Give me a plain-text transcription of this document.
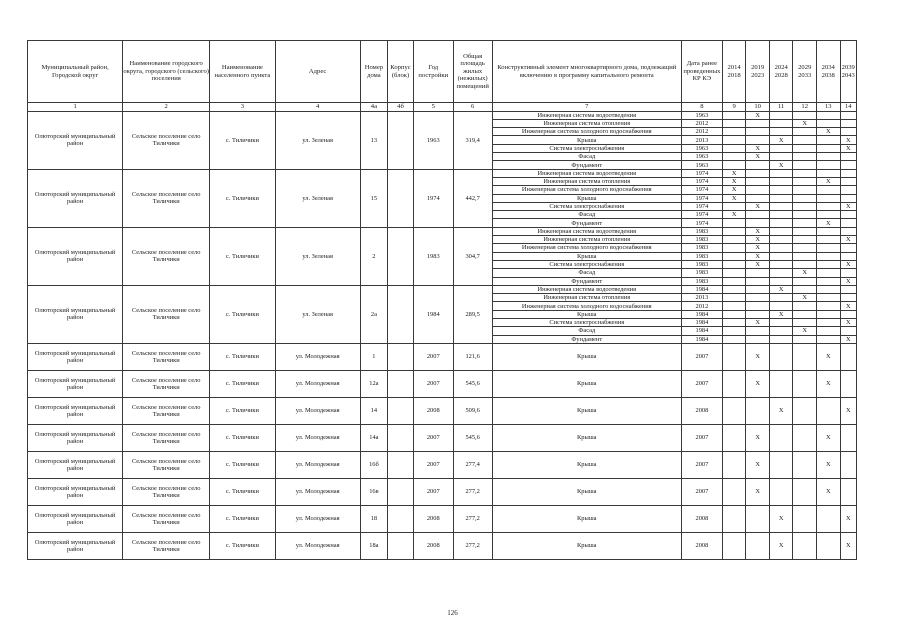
Муниципальный район, Городской округ	Наименование городского округа, городского (сельского) поселения	Наименование населенного пункта	Адрес	Номер дома	Корпус (блок)	Год постройки	Общая площадь жилых (нежилых) помещений	Конструктивный элемент многоквартирного дома, подлежащий включению в программу капитального ремонта	Дата ранее проведенных КР КЭ	2014 2018	2019 2023	2024 2028	2029 2033	2034 2038	2039 2043
1	2	3	4	4а	4б	5	6	7	8	9	10	11	12	13	14
Олюторский муниципальный район	Сельское поселение село Тиличики	с. Тиличики	ул. Зеленая	13		1963	319,4	Инженерная система водоотведения	1963		X				
								Инженерная система отопления	2012				X		
								Инженерная система холодного водоснабжения	2012					X	
								Крыша	2013			X			X
								Система электроснабжения	1963		X				X
								Фасад	1963		X				
								Фундамент	1963			X			
Олюторский муниципальный район	Сельское поселение село Тиличики	с. Тиличики	ул. Зеленая	15		1974	442,7	Инженерная система водоотведения	1974	X					
								Инженерная система отопления	1974	X				X	
								Инженерная система холодного водоснабжения	1974	X					
								Крыша	1974	X					
								Система электроснабжения	1974		X				X
								Фасад	1974	X					
								Фундамент	1974					X	
Олюторский муниципальный район	Сельское поселение село Тиличики	с. Тиличики	ул. Зеленая	2		1983	304,7	Инженерная система водоотведения	1983		X				
								Инженерная система отопления	1983		X				X
								Инженерная система холодного водоснабжения	1983		X				
								Крыша	1983		X				
								Система электроснабжения	1983		X				X
								Фасад	1983				X		
								Фундамент	1983						X
Олюторский муниципальный район	Сельское поселение село Тиличики	с. Тиличики	ул. Зеленая	2а		1984	289,5	Инженерная система водоотведения	1984			X			
								Инженерная система отопления	2013				X		
								Инженерная система холодного водоснабжения	2012						X
								Крыша	1984			X			
								Система электроснабжения	1984		X				X
								Фасад	1984				X		
								Фундамент	1984						X
Олюторский муниципальный район	Сельское поселение село Тиличики	с. Тиличики	ул. Молодежная	1		2007	121,6	Крыша	2007		X			X	
Олюторский муниципальный район	Сельское поселение село Тиличики	с. Тиличики	ул. Молодежная	12а		2007	545,6	Крыша	2007		X			X	
Олюторский муниципальный район	Сельское поселение село Тиличики	с. Тиличики	ул. Молодежная	14		2008	509,6	Крыша	2008			X			X
Олюторский муниципальный район	Сельское поселение село Тиличики	с. Тиличики	ул. Молодежная	14а		2007	545,6	Крыша	2007		X			X	
Олюторский муниципальный район	Сельское поселение село Тиличики	с. Тиличики	ул. Молодежная	16б		2007	277,4	Крыша	2007		X			X	
Олюторский муниципальный район	Сельское поселение село Тиличики	с. Тиличики	ул. Молодежная	16в		2007	277,2	Крыша	2007		X			X	
Олюторский муниципальный район	Сельское поселение село Тиличики	с. Тиличики	ул. Молодежная	18		2008	277,2	Крыша	2008			X			X
Олюторский муниципальный район	Сельское поселение село Тиличики	с. Тиличики	ул. Молодежная	18а		2008	277,2	Крыша	2008			X			X
126
